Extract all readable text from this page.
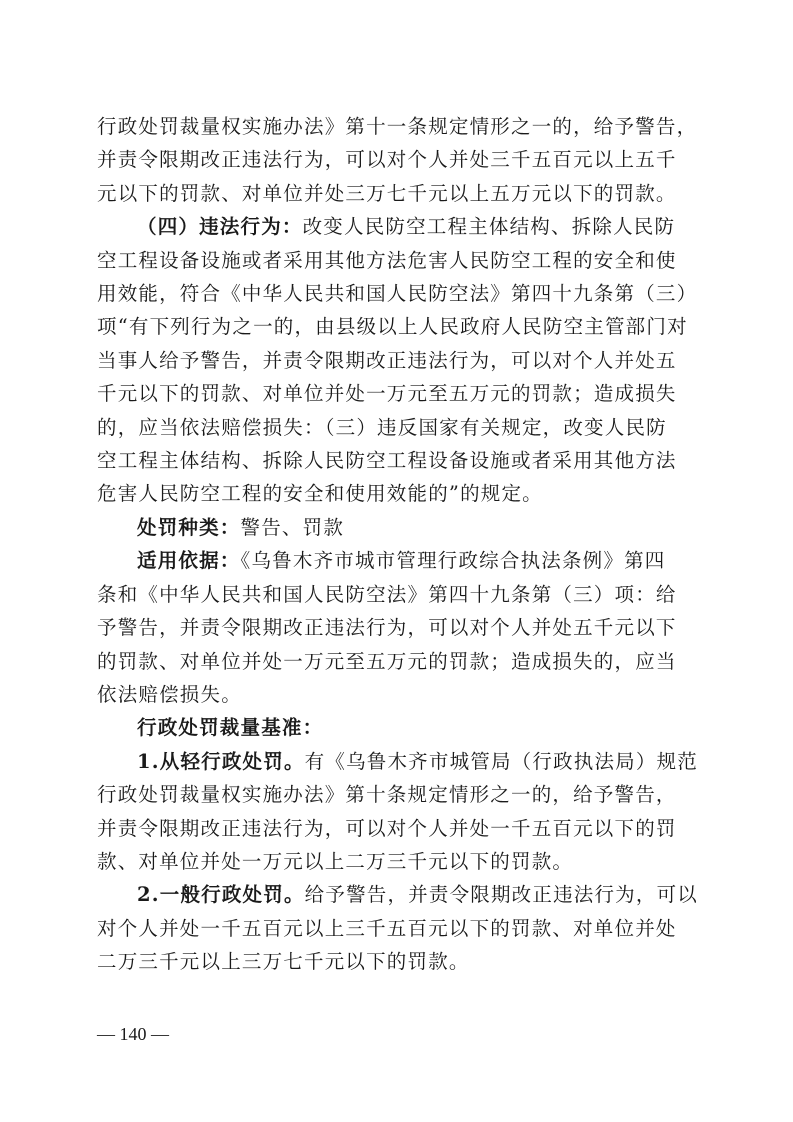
行政处罚裁量权实施办法》第十一条规定情形之一的，给予警告，
并责令限期改正违法行为，可以对个人并处三千五百元以上五千
元以下的罚款、对单位并处三万七千元以上五万元以下的罚款。
（四）违法行为：改变人民防空工程主体结构、拆除人民防
空工程设备设施或者采用其他方法危害人民防空工程的安全和使
用效能，符合《中华人民共和国人民防空法》第四十九条第（三）
项“有下列行为之一的，由县级以上人民政府人民防空主管部门对
当事人给予警告，并责令限期改正违法行为，可以对个人并处五
千元以下的罚款、对单位并处一万元至五万元的罚款；造成损失
的，应当依法赔偿损失：（三）违反国家有关规定，改变人民防
空工程主体结构、拆除人民防空工程设备设施或者采用其他方法
危害人民防空工程的安全和使用效能的”的规定。
处罚种类：警告、罚款
适用依据：《乌鲁木齐市城市管理行政综合执法条例》第四
条和《中华人民共和国人民防空法》第四十九条第（三）项：给
予警告，并责令限期改正违法行为，可以对个人并处五千元以下
的罚款、对单位并处一万元至五万元的罚款；造成损失的，应当
依法赔偿损失。
行政处罚裁量基准：
1.从轻行政处罚。有《乌鲁木齐市城管局（行政执法局）规范
行政处罚裁量权实施办法》第十条规定情形之一的，给予警告，
并责令限期改正违法行为，可以对个人并处一千五百元以下的罚
款、对单位并处一万元以上二万三千元以下的罚款。
2.一般行政处罚。给予警告，并责令限期改正违法行为，可以
对个人并处一千五百元以上三千五百元以下的罚款、对单位并处
二万三千元以上三万七千元以下的罚款。
— 140 —
